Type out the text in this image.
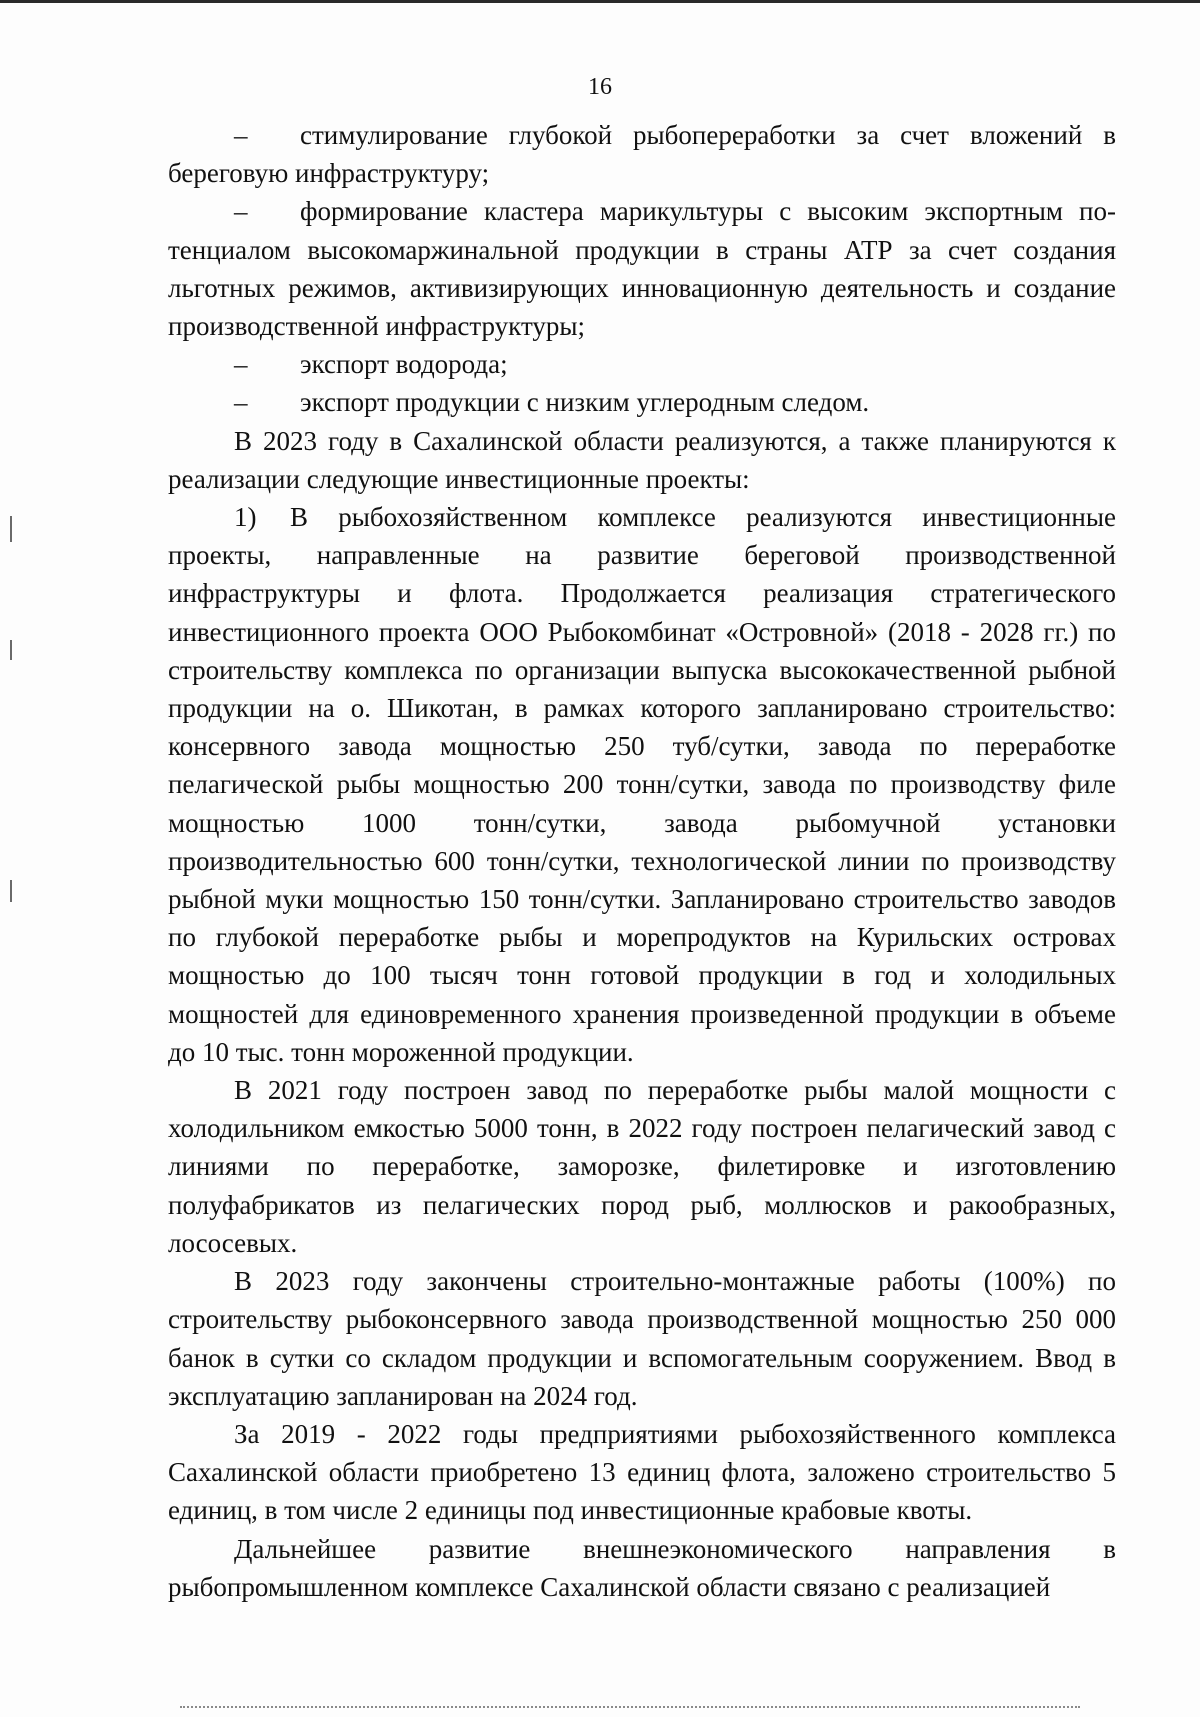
16

– стимулирование глубокой рыбопереработки за счет вложений в береговую инфраструктуру;

– формирование кластера марикультуры с высоким экспортным потенциалом высокомаржинальной продукции в страны АТР за счет создания льготных режимов, активизирующих инновационную деятельность и создание производственной инфраструктуры;

– экспорт водорода;

– экспорт продукции с низким углеродным следом.

В 2023 году в Сахалинской области реализуются, а также планируются к реализации следующие инвестиционные проекты:

1) В рыбохозяйственном комплексе реализуются инвестиционные проекты, направленные на развитие береговой производственной инфраструктуры и флота. Продолжается реализация стратегического инвестиционного проекта ООО Рыбокомбинат «Островной» (2018 - 2028 гг.) по строительству комплекса по организации выпуска высококачественной рыбной продукции на о. Шикотан, в рамках которого запланировано строительство: консервного завода мощностью 250 туб/сутки, завода по переработке пелагической рыбы мощностью 200 тонн/сутки, завода по производству филе мощностью 1000 тонн/сутки, завода рыбомучной установки производительностью 600 тонн/сутки, технологической линии по производству рыбной муки мощностью 150 тонн/сутки. Запланировано строительство заводов по глубокой переработке рыбы и морепродуктов на Курильских островах мощностью до 100 тысяч тонн готовой продукции в год и холодильных мощностей для единовременного хранения произведенной продукции в объеме до 10 тыс. тонн мороженной продукции.

В 2021 году построен завод по переработке рыбы малой мощности с холодильником емкостью 5000 тонн, в 2022 году построен пелагический завод с линиями по переработке, заморозке, филетировке и изготовлению полуфабрикатов из пелагических пород рыб, моллюсков и ракообразных, лососевых.

В 2023 году закончены строительно-монтажные работы (100%) по строительству рыбоконсервного завода производственной мощностью 250 000 банок в сутки со складом продукции и вспомогательным сооружением. Ввод в эксплуатацию запланирован на 2024 год.

За 2019 - 2022 годы предприятиями рыбохозяйственного комплекса Сахалинской области приобретено 13 единиц флота, заложено строительство 5 единиц, в том числе 2 единицы под инвестиционные крабовые квоты.

Дальнейшее развитие внешнеэкономического направления в рыбопромышленном комплексе Сахалинской области связано с реализацией
